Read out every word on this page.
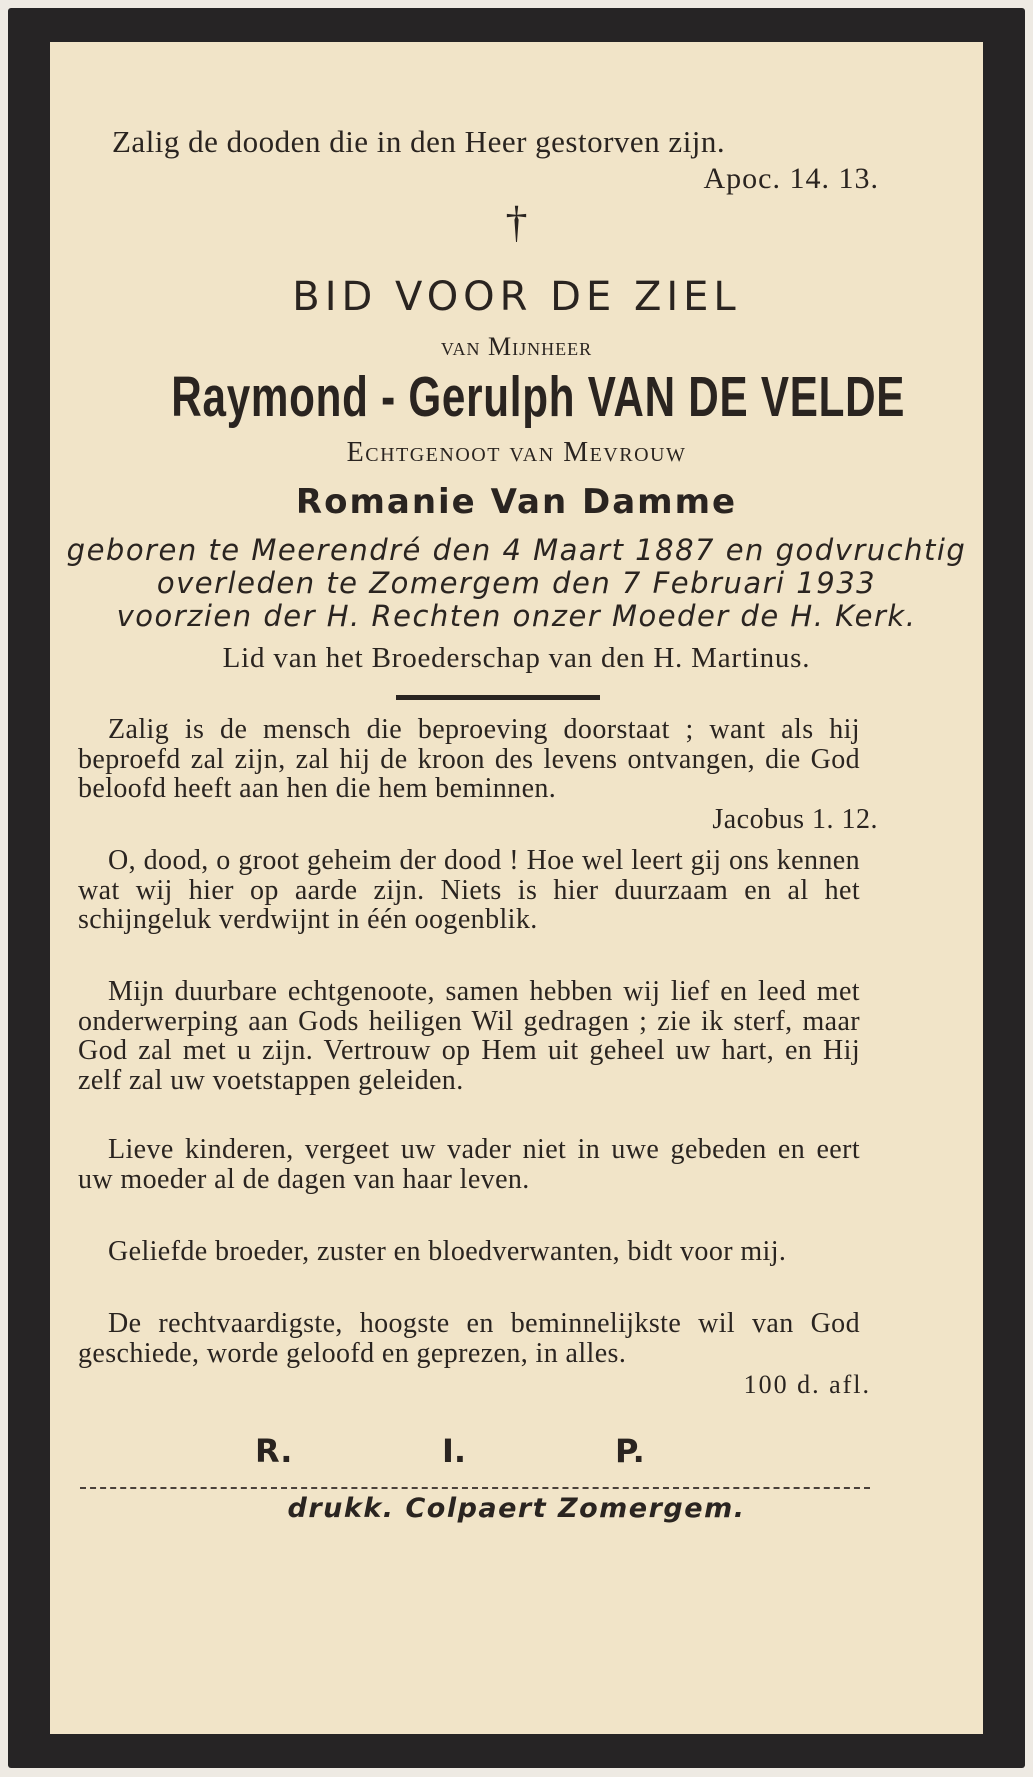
Zalig de dooden die in den Heer gestorven zijn.
Apoc. 14. 13.
†
BID VOOR DE ZIEL
van Mijnheer
Raymond - Gerulph VAN DE VELDE
Echtgenoot van Mevrouw
Romanie Van Damme
geboren te Meerendré den 4 Maart 1887 en godvruchtig
overleden te Zomergem den 7 Februari 1933
voorzien der H. Rechten onzer Moeder de H. Kerk.
Lid van het Broederschap van den H. Martinus.
Zalig is de mensch die beproeving doorstaat ; want als hij beproefd zal zijn, zal hij de kroon des levens ontvangen, die God beloofd heeft aan hen die hem beminnen.
Jacobus 1. 12.
O, dood, o groot geheim der dood ! Hoe wel leert gij ons kennen wat wij hier op aarde zijn. Niets is hier duurzaam en al het schijngeluk verdwijnt in één oogenblik.
Mijn duurbare echtgenoote, samen hebben wij lief en leed met onderwerping aan Gods heiligen Wil gedragen ; zie ik sterf, maar God zal met u zijn. Vertrouw op Hem uit geheel uw hart, en Hij zelf zal uw voetstappen geleiden.
Lieve kinderen, vergeet uw vader niet in uwe gebeden en eert uw moeder al de dagen van haar leven.
Geliefde broeder, zuster en bloedverwanten, bidt voor mij.
De rechtvaardigste, hoogste en beminnelijkste wil van God geschiede, worde geloofd en geprezen, in alles.
100 d. afl.
R.	I.	P.
drukk. Colpaert Zomergem.
